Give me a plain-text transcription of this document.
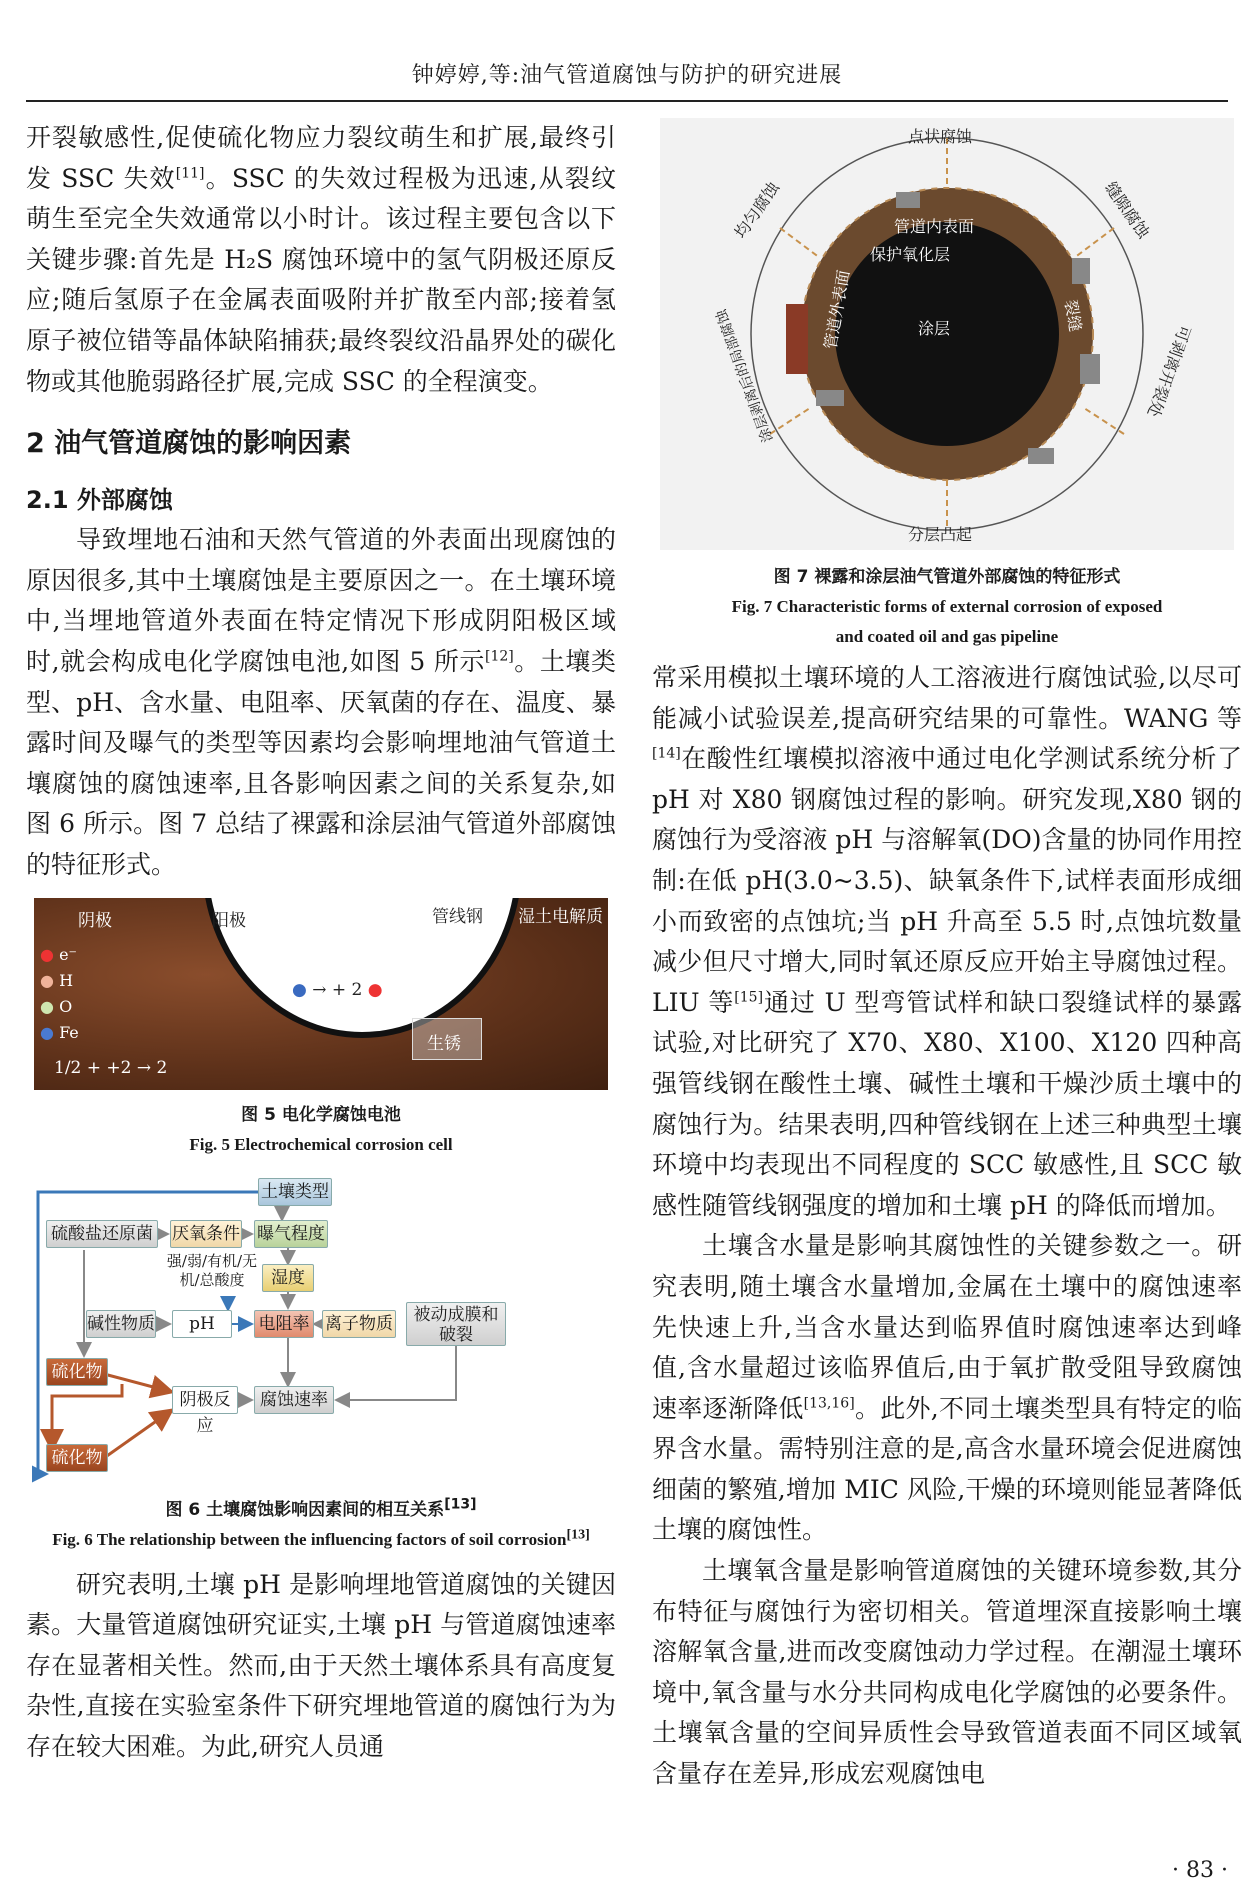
钟婷婷,等:油气管道腐蚀与防护的研究进展

开裂敏感性,促使硫化物应力裂纹萌生和扩展,最终引发 SSC 失效[11]。SSC 的失效过程极为迅速,从裂纹萌生至完全失效通常以小时计。该过程主要包含以下关键步骤:首先是 H₂S 腐蚀环境中的氢气阴极还原反应;随后氢原子在金属表面吸附并扩散至内部;接着氢原子被位错等晶体缺陷捕获;最终裂纹沿晶界处的碳化物或其他脆弱路径扩展,完成 SSC 的全程演变。

2 油气管道腐蚀的影响因素
2.1 外部腐蚀

导致埋地石油和天然气管道的外表面出现腐蚀的原因很多,其中土壤腐蚀是主要原因之一。在土壤环境中,当埋地管道外表面在特定情况下形成阴阳极区域时,就会构成电化学腐蚀电池,如图 5 所示[12]。土壤类型、pH、含水量、电阻率、厌氧菌的存在、温度、暴露时间及曝气的类型等因素均会影响埋地油气管道土壤腐蚀的腐蚀速率,且各影响因素之间的关系复杂,如图 6 所示。图 7 总结了裸露和涂层油气管道外部腐蚀的特征形式。

阴极	阳极	管线钢 湿土电解质
● e⁻
● H
● O
● Fe
● → + 2 ●
生锈
1/2 + +2 → 2
图 5 电化学腐蚀电池
Fig. 5 Electrochemical corrosion cell
土壤类型
硫酸盐还原菌 厌氧条件 曝气程度
强/弱/有机/无机/总酸度	湿度
碱性物质	pH	电阻率 离子物质	被动成膜和破裂
硫化物
阴极反应
腐蚀速率
硫化物
图 6 土壤腐蚀影响因素间的相互关系[13]
Fig. 6 The relationship between the influencing factors of soil corrosion[13]

研究表明,土壤 pH 是影响埋地管道腐蚀的关键因素。大量管道腐蚀研究证实,土壤 pH 与管道腐蚀速率存在显著相关性。然而,由于天然土壤体系具有高度复杂性,直接在实验室条件下研究埋地管道的腐蚀行为为存在较大困难。为此,研究人员通

点状腐蚀
均匀腐蚀	缝隙腐蚀
管道内表面
保护氧化层
管道外表面	涂层	裂缝
涂层剥离后的局部腐蚀	可剥离开裂处
分层凸起
图 7 裸露和涂层油气管道外部腐蚀的特征形式
Fig. 7 Characteristic forms of external corrosion of exposed
and coated oil and gas pipeline

常采用模拟土壤环境的人工溶液进行腐蚀试验,以尽可能减小试验误差,提高研究结果的可靠性。WANG 等[14]在酸性红壤模拟溶液中通过电化学测试系统分析了 pH 对 X80 钢腐蚀过程的影响。研究发现,X80 钢的腐蚀行为受溶液 pH 与溶解氧(DO)含量的协同作用控制:在低 pH(3.0~3.5)、缺氧条件下,试样表面形成细小而致密的点蚀坑;当 pH 升高至 5.5 时,点蚀坑数量减少但尺寸增大,同时氧还原反应开始主导腐蚀过程。LIU 等[15]通过 U 型弯管试样和缺口裂缝试样的暴露试验,对比研究了 X70、X80、X100、X120 四种高强管线钢在酸性土壤、碱性土壤和干燥沙质土壤中的腐蚀行为。结果表明,四种管线钢在上述三种典型土壤环境中均表现出不同程度的 SCC 敏感性,且 SCC 敏感性随管线钢强度的增加和土壤 pH 的降低而增加。

土壤含水量是影响其腐蚀性的关键参数之一。研究表明,随土壤含水量增加,金属在土壤中的腐蚀速率先快速上升,当含水量达到临界值时腐蚀速率达到峰值,含水量超过该临界值后,由于氧扩散受阻导致腐蚀速率逐渐降低[13,16]。此外,不同土壤类型具有特定的临界含水量。需特别注意的是,高含水量环境会促进腐蚀细菌的繁殖,增加 MIC 风险,干燥的环境则能显著降低土壤的腐蚀性。

土壤氧含量是影响管道腐蚀的关键环境参数,其分布特征与腐蚀行为密切相关。管道埋深直接影响土壤溶解氧含量,进而改变腐蚀动力学过程。在潮湿土壤环境中,氧含量与水分共同构成电化学腐蚀的必要条件。土壤氧含量的空间异质性会导致管道表面不同区域氧含量存在差异,形成宏观腐蚀电

· 83 ·
